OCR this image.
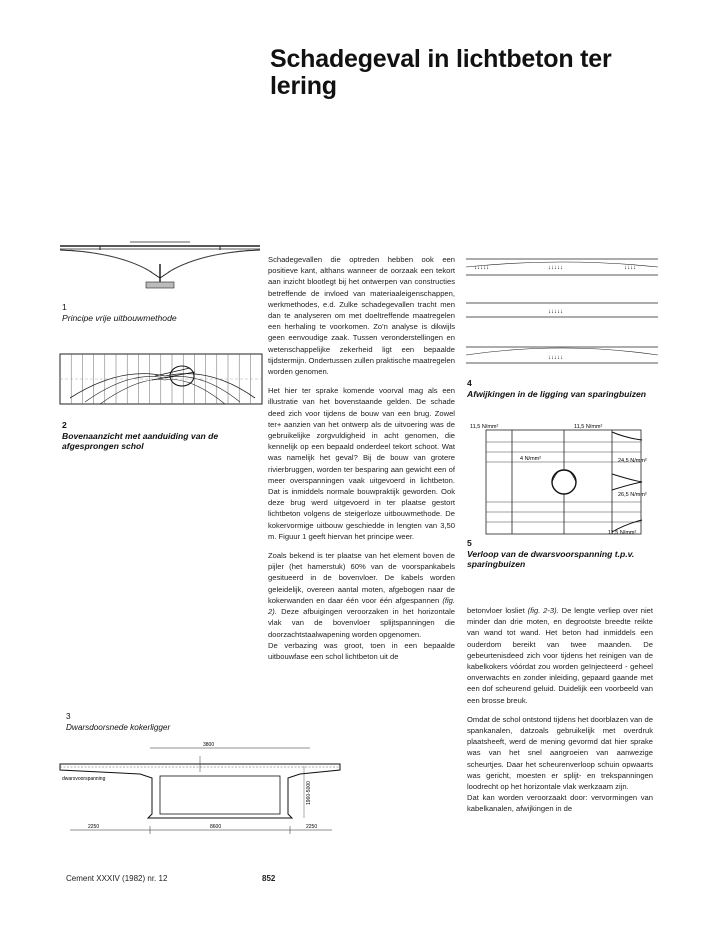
Schadegeval in lichtbeton ter lering
1
Principe vrije uitbouwmethode
2
Bovenaanzicht met aanduiding van de afgesprongen schol

Schadegevallen die optreden hebben ook een positieve kant, althans wanneer de oorzaak een tekort aan inzicht blootlegt bij het ontwerpen van constructies betreffende de invloed van materiaaleigenschappen, werkmethodes, e.d. Zulke schadegevallen tracht men dan te analyseren om met doeltreffende maatregelen een herhaling te voorkomen. Zo'n analyse is dikwijls geen eenvoudige zaak. Tussen veronderstellingen en wetenschappelijke zekerheid ligt een bepaalde tijdstermijn. Ondertussen zullen praktische maatregelen worden genomen.

Het hier ter sprake komende voorval mag als een illustratie van het bovenstaande gelden. De schade deed zich voor tijdens de bouw van een brug. Zowel ter+ aanzien van het ontwerp als de uitvoering was de gebruikelijke zorgvuldigheid in acht genomen, die kennelijk op een bepaald onderdeel tekort schoot. Wat was namelijk het geval? Bij de bouw van grotere rivierbruggen, worden ter besparing aan gewicht een of meer overspanningen vaak uitgevoerd in lichtbeton. Dat is inmiddels normale bouwpraktijk geworden. Ook deze brug werd uitgevoerd in ter plaatse gestort lichtbeton volgens de steigerloze uitbouwmethode. De kokervormige uitbouw geschiedde in lengten van 3,50 m. Figuur 1 geeft hiervan het principe weer.

Zoals bekend is ter plaatse van het element boven de pijler (het hamerstuk) 60% van de voorspankabels gesitueerd in de bovenvloer. De kabels worden geleidelijk, overeen aantal moten, afgebogen naar de kokerwanden en daar één voor één afgespannen (fig. 2). Deze afbuigingen veroorzaken in het horizontale vlak van de bovenvloer splijtspanningen die doorzachtstaalwapening worden opgenomen.

De verbazing was groot, toen in een bepaalde uitbouwfase een schol lichtbeton uit de

↓↓↓↓↓	↓↓↓↓↓	↓↓↓↓
↓↓↓↓↓
↓↓↓↓↓
4
Afwijkingen in de ligging van sparingbuizen
11,5 N/mm²	11,5 N/mm²
4 N/mm²	24,5 N/mm²
26,5 N/mm²
11,5 N/mm²
5
Verloop van de dwarsvoorspanning t.p.v. sparingbuizen

betonvloer losliet (fig. 2-3). De lengte verliep over niet minder dan drie moten, en degrootste breedte reikte van wand tot wand. Het beton had inmiddels een ouderdom bereikt van twee maanden. De gebeurtenisdeed zich voor tijdens het reinigen van de kabelkokers vóórdat zou worden geïnjecteerd - geheel onverwachts en zonder inleiding, gepaard gaande met een dof scheurend geluid. Duidelijk een voorbeeld van een brosse breuk.

Omdat de schol ontstond tijdens het doorblazen van de spankanalen, datzoals gebruikelijk met overdruk plaatsheeft, werd de mening gevormd dat hier sprake was van het snel aangroeien van aanwezige scheurtjes. Daar het scheurenverloop schuin opwaarts was gericht, moesten er splijt- en trekspanningen loodrecht op het horizontale vlak werkzaam zijn.

Dat kan worden veroorzaakt door: vervormingen van kabelkanalen, afwijkingen in de

3
Dwarsdoorsnede kokerligger
3800
dwarsvoorspanning
1960-5000
2250	8600	2250
Cement XXXIV (1982) nr. 12	852
